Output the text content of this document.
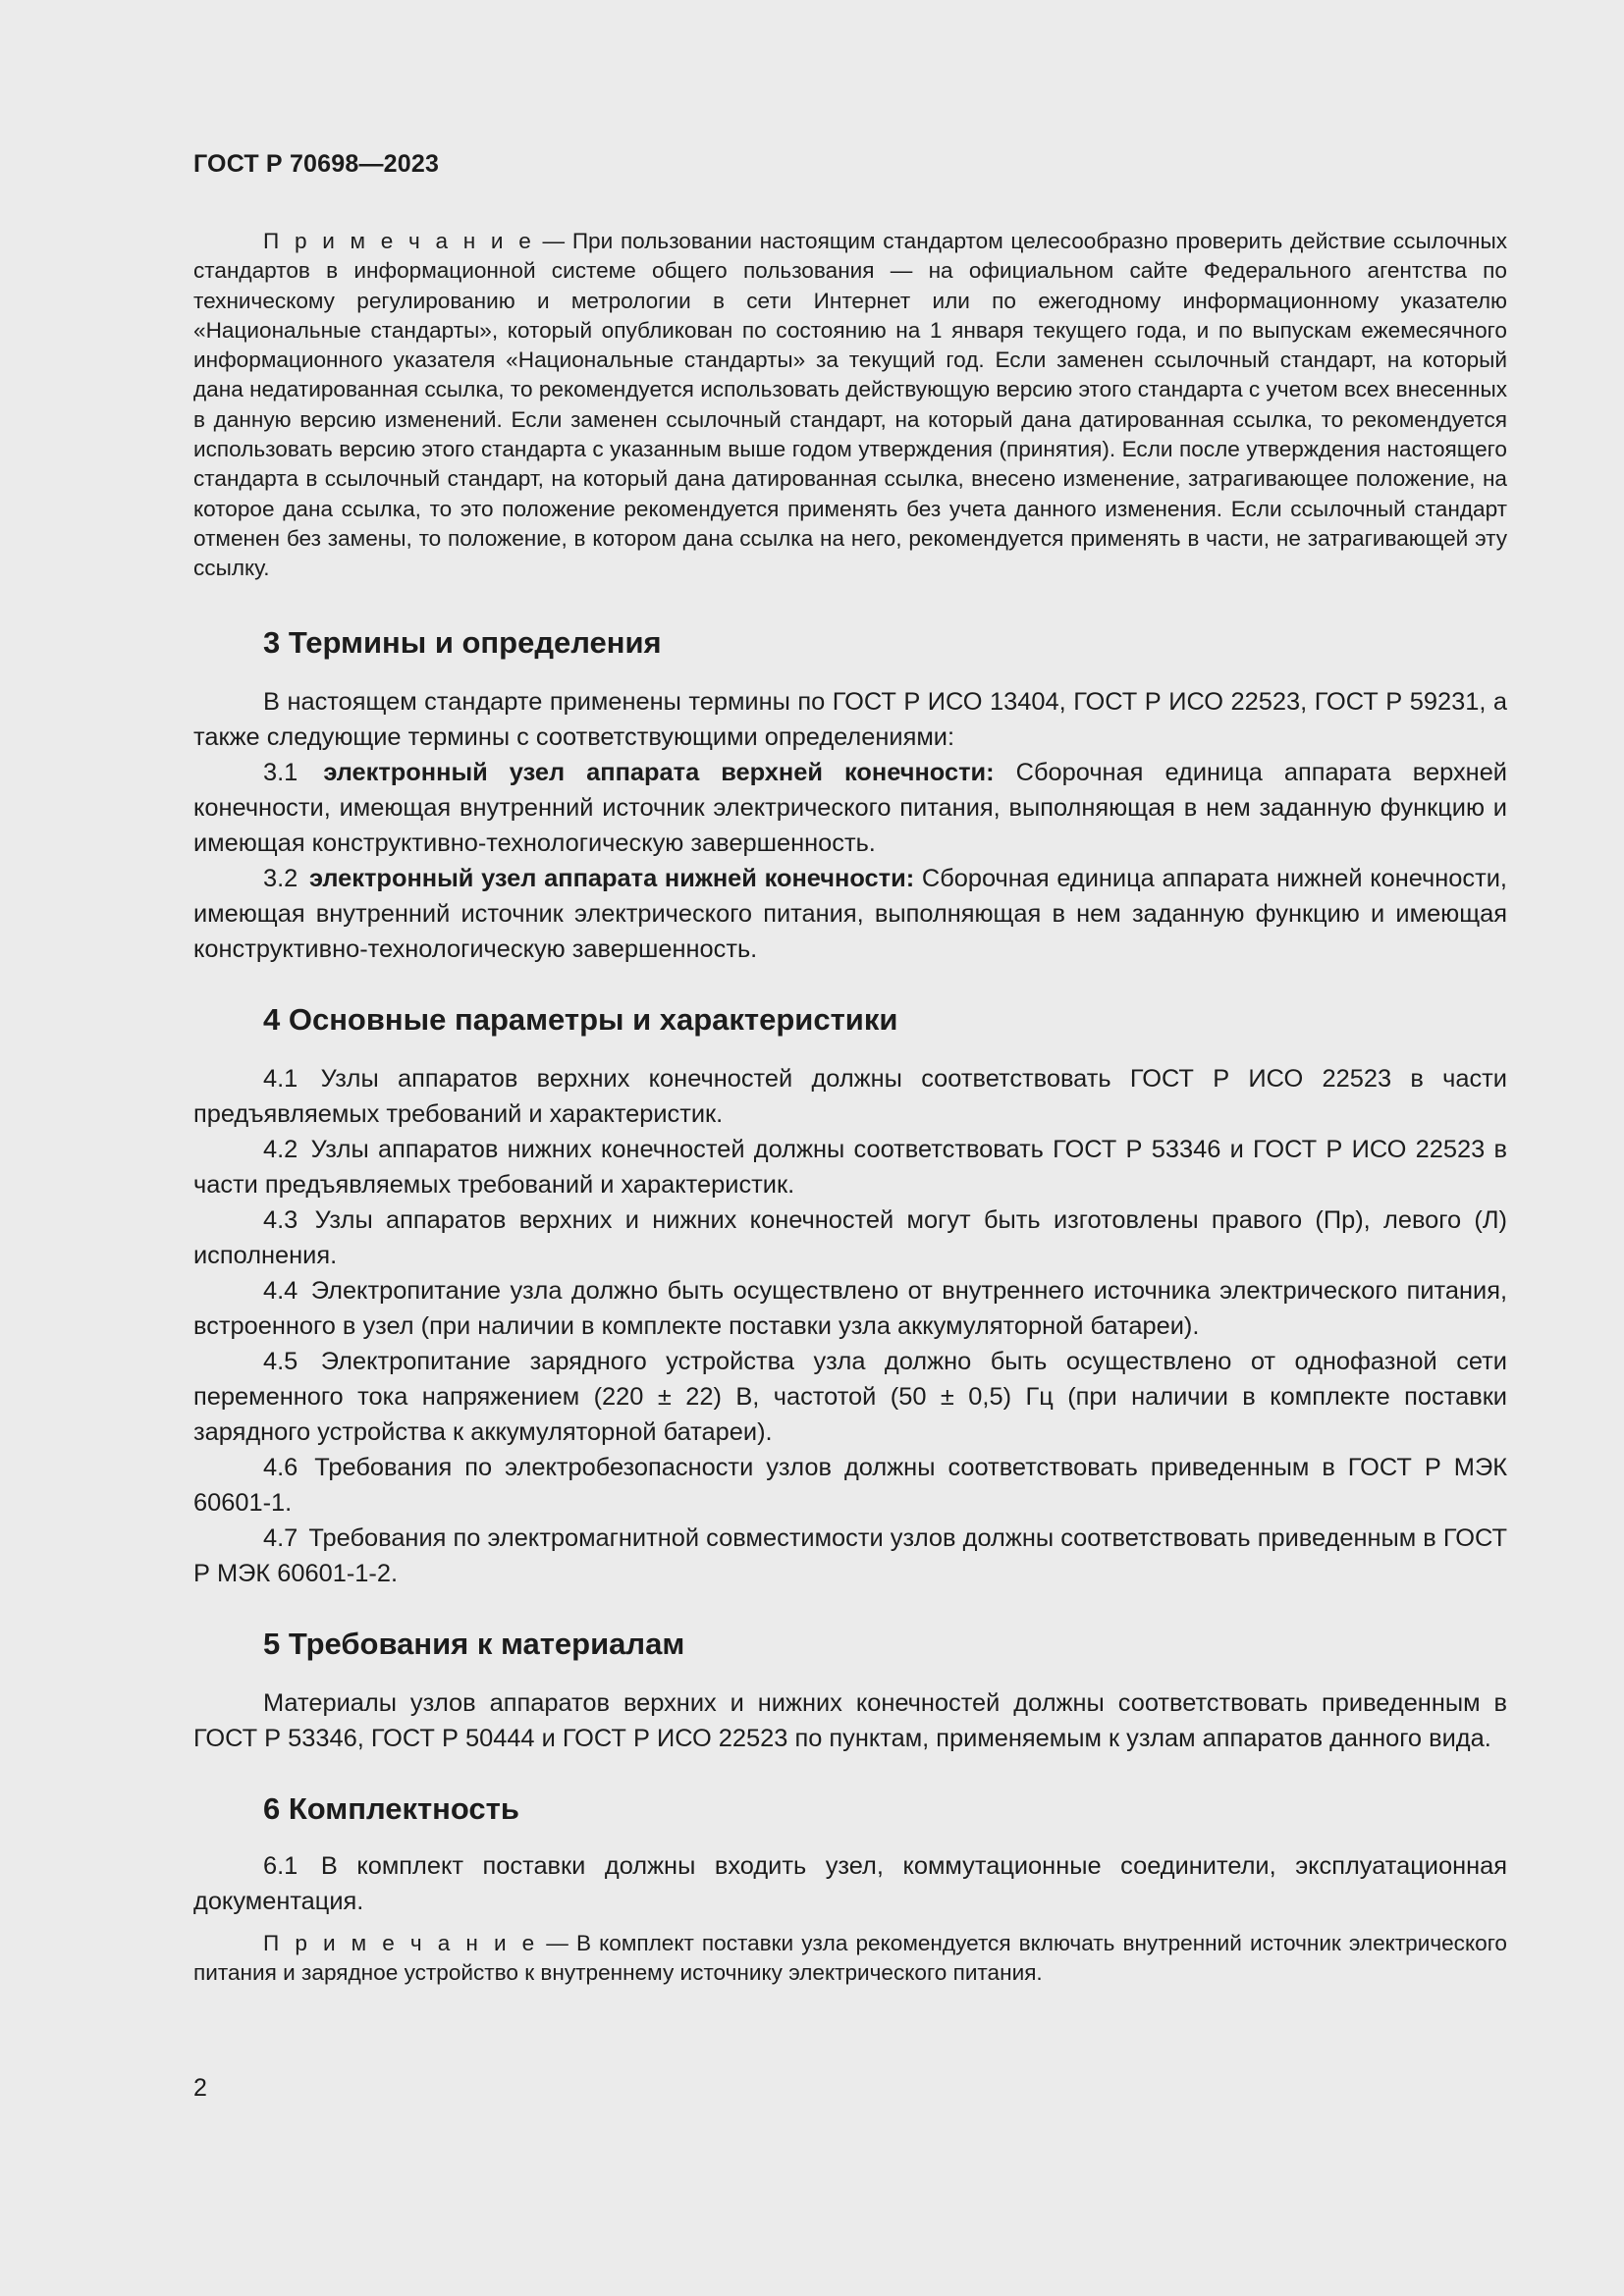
ГОСТ Р 70698—2023

П р и м е ч а н и е — При пользовании настоящим стандартом целесообразно проверить действие ссылочных стандартов в информационной системе общего пользования — на официальном сайте Федерального агентства по техническому регулированию и метрологии в сети Интернет или по ежегодному информационному указателю «Национальные стандарты», который опубликован по состоянию на 1 января текущего года, и по выпускам ежемесячного информационного указателя «Национальные стандарты» за текущий год. Если заменен ссылочный стандарт, на который дана недатированная ссылка, то рекомендуется использовать действующую версию этого стандарта с учетом всех внесенных в данную версию изменений. Если заменен ссылочный стандарт, на который дана датированная ссылка, то рекомендуется использовать версию этого стандарта с указанным выше годом утверждения (принятия). Если после утверждения настоящего стандарта в ссылочный стандарт, на который дана датированная ссылка, внесено изменение, затрагивающее положение, на которое дана ссылка, то это положение рекомендуется применять без учета данного изменения. Если ссылочный стандарт отменен без замены, то положение, в котором дана ссылка на него, рекомендуется применять в части, не затрагивающей эту ссылку.

3 Термины и определения

В настоящем стандарте применены термины по ГОСТ Р ИСО 13404, ГОСТ Р ИСО 22523, ГОСТ Р 59231, а также следующие термины с соответствующими определениями:

3.1 электронный узел аппарата верхней конечности: Сборочная единица аппарата верхней конечности, имеющая внутренний источник электрического питания, выполняющая в нем заданную функцию и имеющая конструктивно-технологическую завершенность.

3.2 электронный узел аппарата нижней конечности: Сборочная единица аппарата нижней конечности, имеющая внутренний источник электрического питания, выполняющая в нем заданную функцию и имеющая конструктивно-технологическую завершенность.

4 Основные параметры и характеристики

4.1 Узлы аппаратов верхних конечностей должны соответствовать ГОСТ Р ИСО 22523 в части предъявляемых требований и характеристик.

4.2 Узлы аппаратов нижних конечностей должны соответствовать ГОСТ Р 53346 и ГОСТ Р ИСО 22523 в части предъявляемых требований и характеристик.

4.3 Узлы аппаратов верхних и нижних конечностей могут быть изготовлены правого (Пр), левого (Л) исполнения.

4.4 Электропитание узла должно быть осуществлено от внутреннего источника электрического питания, встроенного в узел (при наличии в комплекте поставки узла аккумуляторной батареи).

4.5 Электропитание зарядного устройства узла должно быть осуществлено от однофазной сети переменного тока напряжением (220 ± 22) В, частотой (50 ± 0,5) Гц (при наличии в комплекте поставки зарядного устройства к аккумуляторной батареи).

4.6 Требования по электробезопасности узлов должны соответствовать приведенным в ГОСТ Р МЭК 60601-1.

4.7 Требования по электромагнитной совместимости узлов должны соответствовать приведенным в ГОСТ Р МЭК 60601-1-2.

5 Требования к материалам

Материалы узлов аппаратов верхних и нижних конечностей должны соответствовать приведенным в ГОСТ Р 53346, ГОСТ Р 50444 и ГОСТ Р ИСО 22523 по пунктам, применяемым к узлам аппаратов данного вида.

6 Комплектность

6.1 В комплект поставки должны входить узел, коммутационные соединители, эксплуатационная документация.

П р и м е ч а н и е — В комплект поставки узла рекомендуется включать внутренний источник электрического питания и зарядное устройство к внутреннему источнику электрического питания.

2
